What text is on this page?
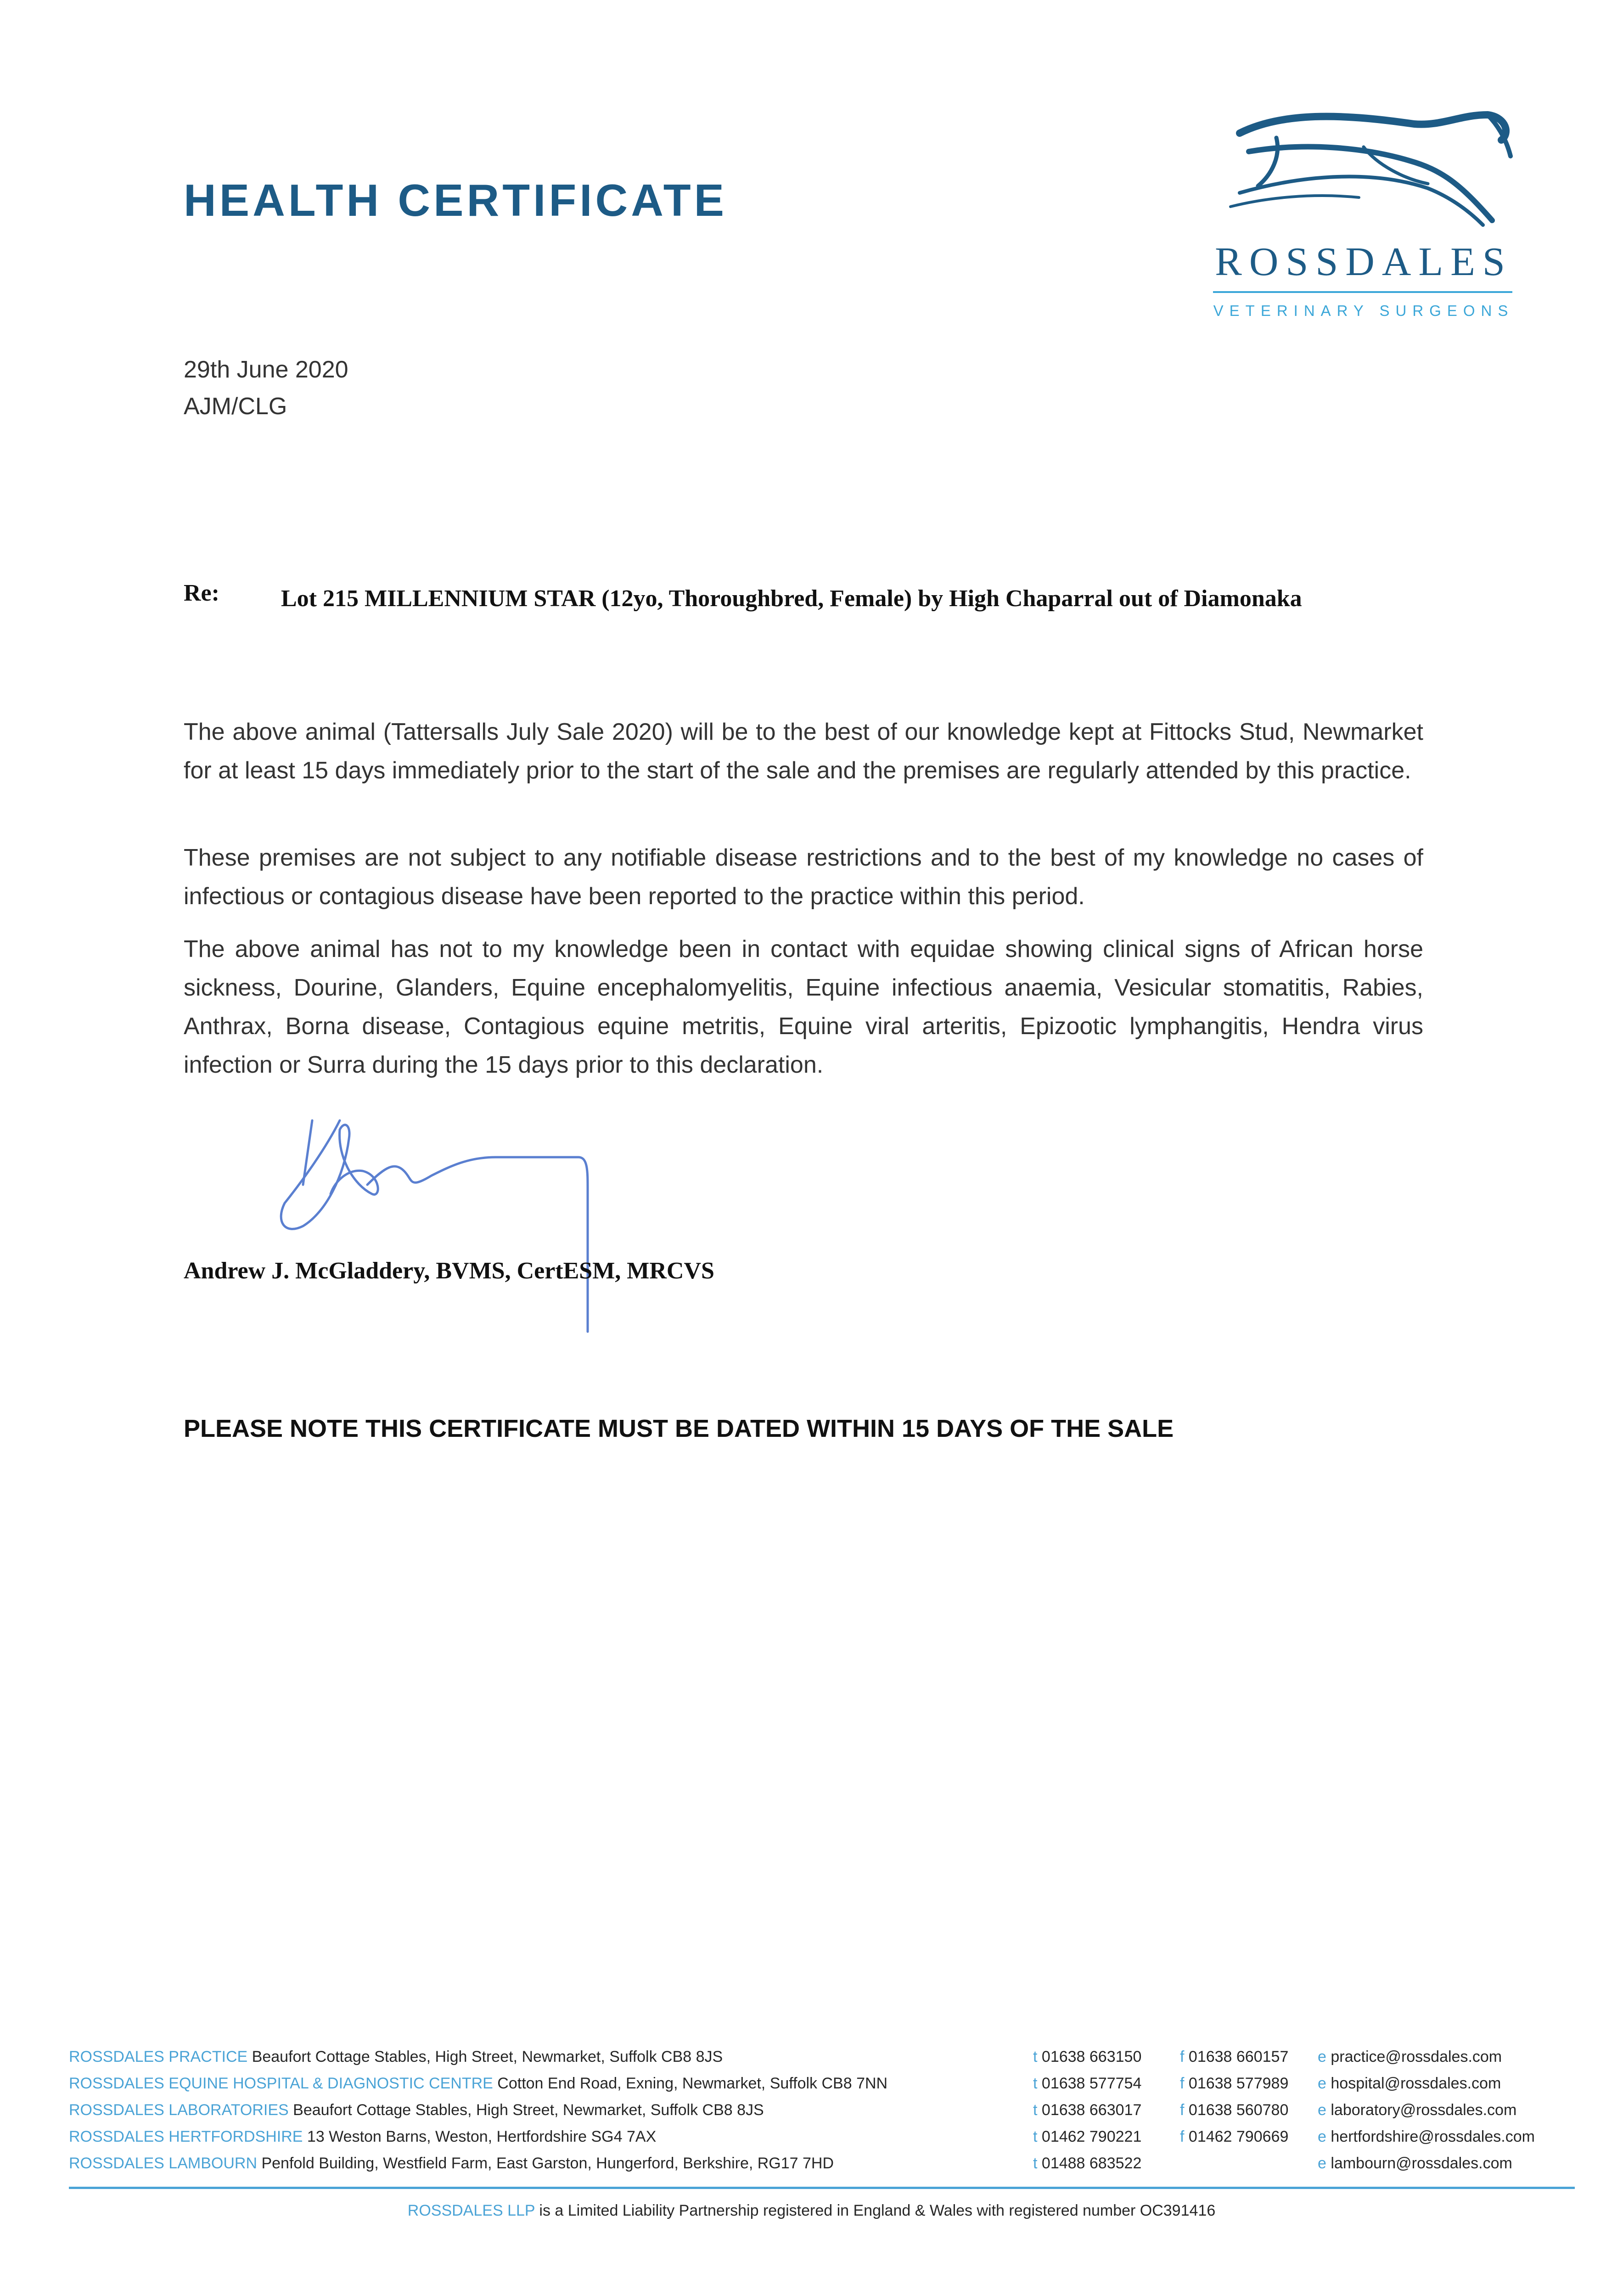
HEALTH CERTIFICATE
ROSSDALES
VETERINARY SURGEONS
29th June 2020
AJM/CLG
Re:	Lot 215 MILLENNIUM STAR (12yo, Thoroughbred, Female) by High Chaparral out of Diamonaka
The above animal (Tattersalls July Sale 2020) will be to the best of our knowledge kept at Fittocks Stud, Newmarket for at least 15 days immediately prior to the start of the sale and the premises are regularly attended by this practice.
These premises are not subject to any notifiable disease restrictions and to the best of my knowledge no cases of infectious or contagious disease have been reported to the practice within this period.
The above animal has not to my knowledge been in contact with equidae showing clinical signs of African horse sickness, Dourine, Glanders, Equine encephalomyelitis, Equine infectious anaemia, Vesicular stomatitis, Rabies, Anthrax, Borna disease, Contagious equine metritis, Equine viral arteritis, Epizootic lymphangitis, Hendra virus infection or Surra during the 15 days prior to this declaration.
Andrew J. McGladdery, BVMS, CertESM, MRCVS
PLEASE NOTE THIS CERTIFICATE MUST BE DATED WITHIN 15 DAYS OF THE SALE
ROSSDALES PRACTICE Beaufort Cottage Stables, High Street, Newmarket, Suffolk CB8 8JS	t 01638 663150 f 01638 660157 e practice@rossdales.com
ROSSDALES EQUINE HOSPITAL & DIAGNOSTIC CENTRE Cotton End Road, Exning, Newmarket, Suffolk CB8 7NN	t 01638 577754 f 01638 577989 e hospital@rossdales.com
ROSSDALES LABORATORIES Beaufort Cottage Stables, High Street, Newmarket, Suffolk CB8 8JS	t 01638 663017 f 01638 560780 e laboratory@rossdales.com
ROSSDALES HERTFORDSHIRE 13 Weston Barns, Weston, Hertfordshire SG4 7AX	t 01462 790221 f 01462 790669 e hertfordshire@rossdales.com
ROSSDALES LAMBOURN Penfold Building, Westfield Farm, East Garston, Hungerford, Berkshire, RG17 7HD	t 01488 683522	e lambourn@rossdales.com
ROSSDALES LLP is a Limited Liability Partnership registered in England & Wales with registered number OC391416
